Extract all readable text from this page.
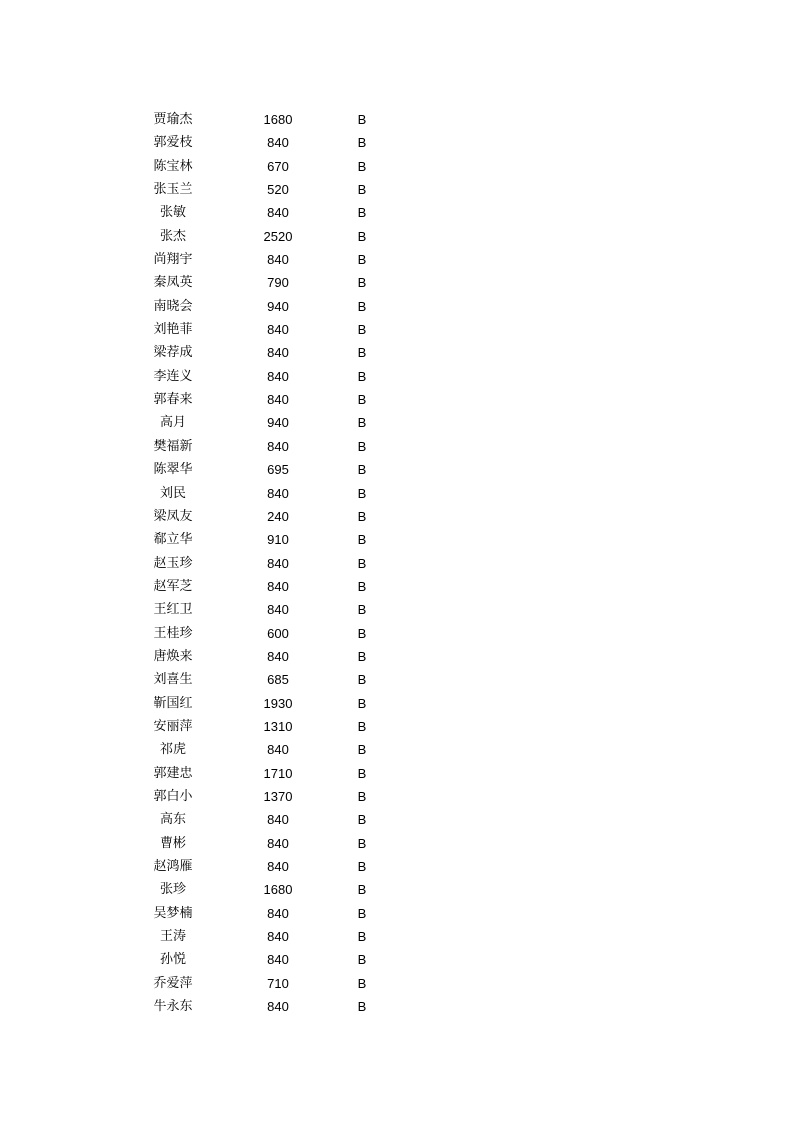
贾瑜杰	1680	B
郭爱枝	840	B
陈宝林	670	B
张玉兰	520	B
张敏	840	B
张杰	2520	B
尚翔宇	840	B
秦凤英	790	B
南晓会	940	B
刘艳菲	840	B
梁荐成	840	B
李连义	840	B
郭春来	840	B
高月	940	B
樊福新	840	B
陈翠华	695	B
刘民	840	B
梁凤友	240	B
郗立华	910	B
赵玉珍	840	B
赵军芝	840	B
王红卫	840	B
王桂珍	600	B
唐焕来	840	B
刘喜生	685	B
靳国红	1930	B
安丽萍	1310	B
祁虎	840	B
郭建忠	1710	B
郭白小	1370	B
高东	840	B
曹彬	840	B
赵鸿雁	840	B
张珍	1680	B
吴梦楠	840	B
王涛	840	B
孙悦	840	B
乔爱萍	710	B
牛永东	840	B
